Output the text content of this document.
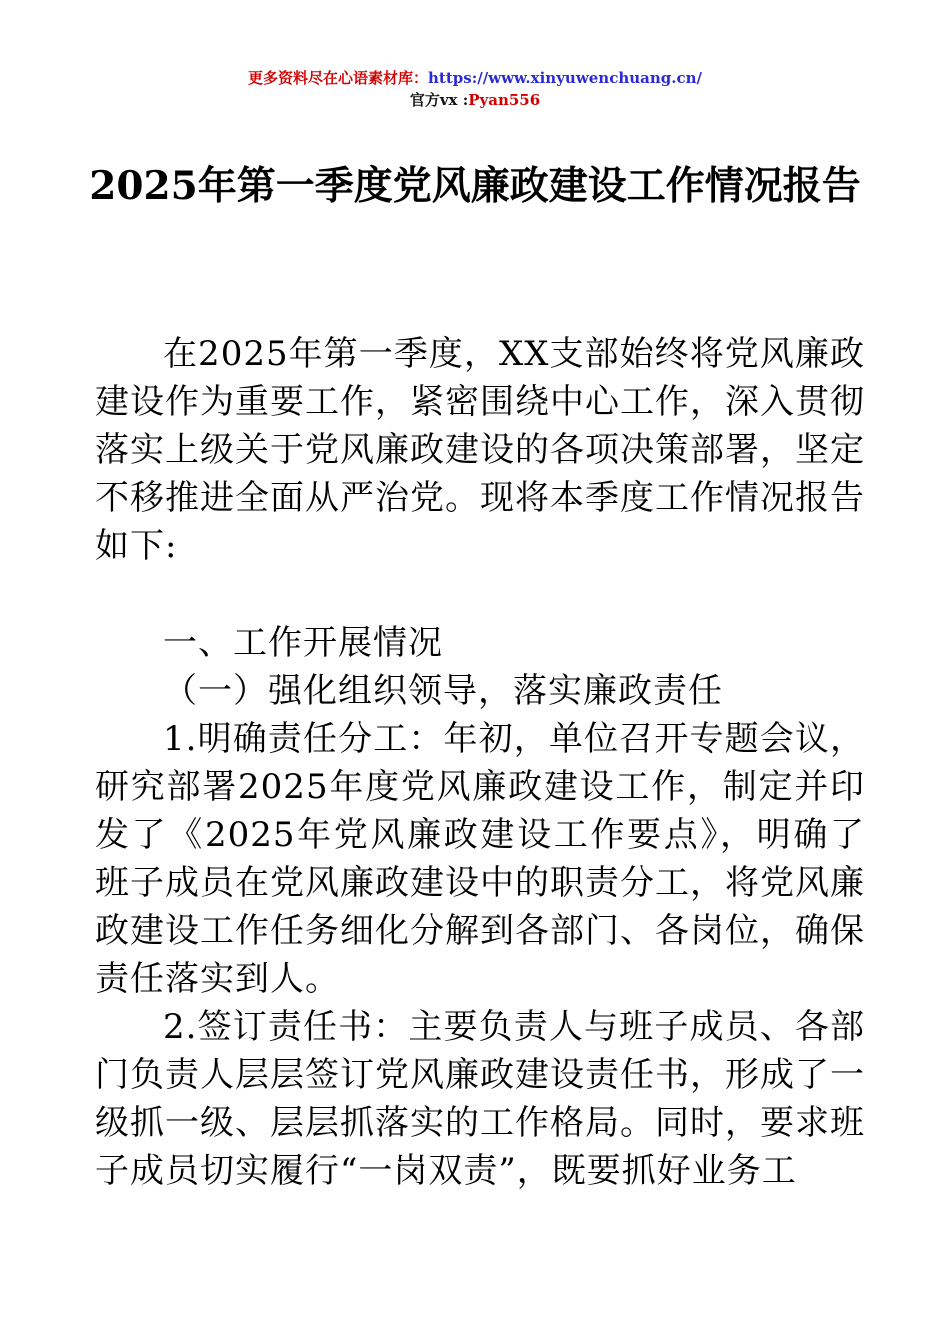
更多资料尽在心语素材库：https://www.xinyuwenchuang.cn/
官方vx :Pyan556
2025年第一季度党风廉政建设工作情况报告

在2025年第一季度，XX支部始终将党风廉政建设作为重要工作，紧密围绕中心工作，深入贯彻落实上级关于党风廉政建设的各项决策部署，坚定不移推进全面从严治党。现将本季度工作情况报告如下:

一、工作开展情况

（一）强化组织领导，落实廉政责任

1.明确责任分工：年初，单位召开专题会议，研究部署2025年度党风廉政建设工作，制定并印发了《2025年党风廉政建设工作要点》，明确了班子成员在党风廉政建设中的职责分工，将党风廉政建设工作任务细化分解到各部门、各岗位，确保责任落实到人。

2.签订责任书：主要负责人与班子成员、各部门负责人层层签订党风廉政建设责任书，形成了一级抓一级、层层抓落实的工作格局。同时，要求班子成员切实履行“一岗双责”，既要抓好业务工
